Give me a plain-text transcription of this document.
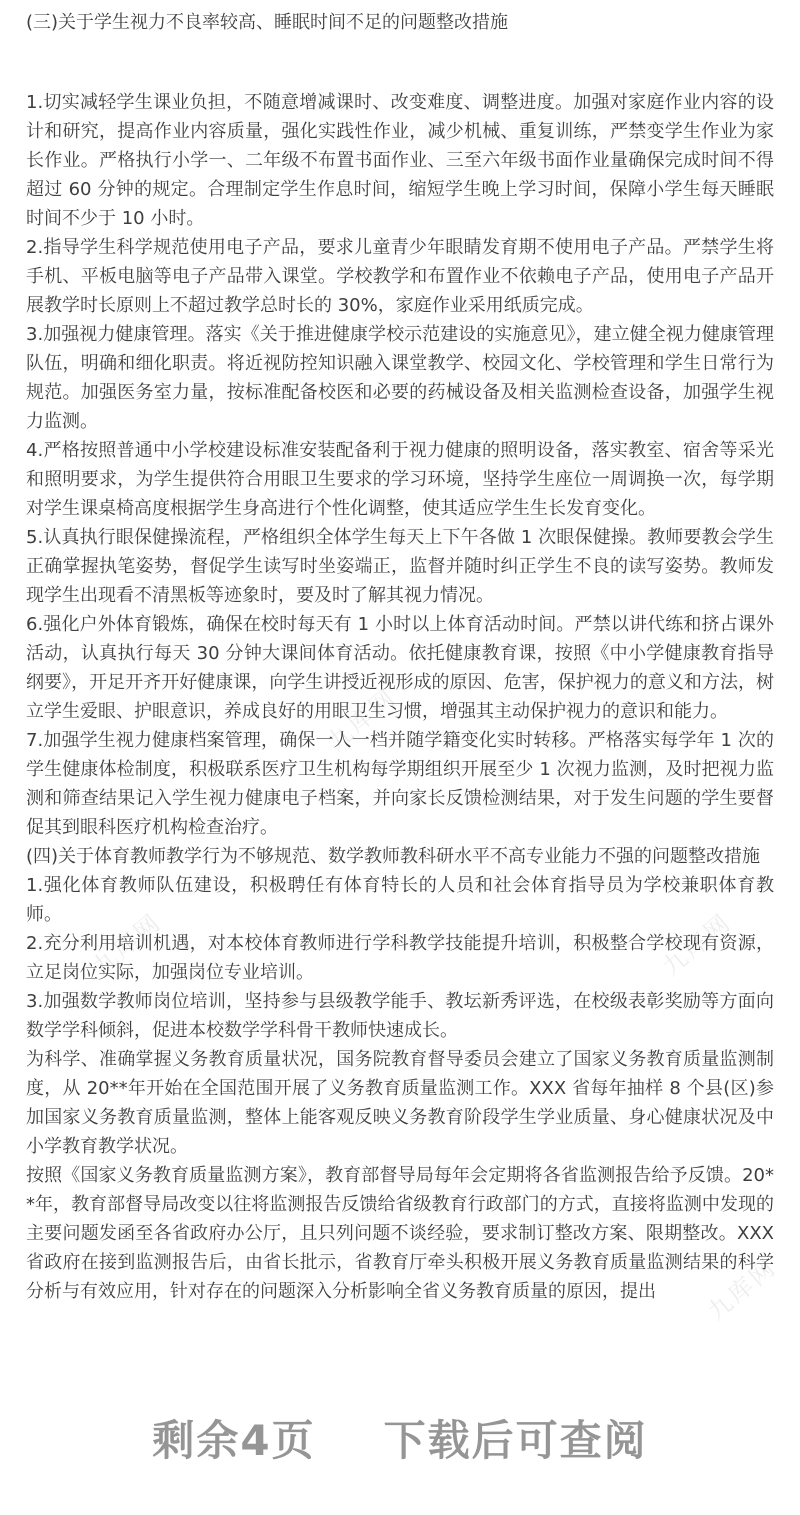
九库网
九库网	九库网
九库网
(三)关于学生视力不良率较高、睡眠时间不足的问题整改措施

1.切实减轻学生课业负担，不随意增减课时、改变难度、调整进度。加强对家庭作业内容的设计和研究，提高作业内容质量，强化实践性作业，减少机械、重复训练，严禁变学生作业为家长作业。严格执行小学一、二年级不布置书面作业、三至六年级书面作业量确保完成时间不得超过 60 分钟的规定。合理制定学生作息时间，缩短学生晚上学习时间，保障小学生每天睡眠时间不少于 10 小时。

2.指导学生科学规范使用电子产品，要求儿童青少年眼睛发育期不使用电子产品。严禁学生将手机、平板电脑等电子产品带入课堂。学校教学和布置作业不依赖电子产品，使用电子产品开展教学时长原则上不超过教学总时长的 30%，家庭作业采用纸质完成。

3.加强视力健康管理。落实《关于推进健康学校示范建设的实施意见》，建立健全视力健康管理队伍，明确和细化职责。将近视防控知识融入课堂教学、校园文化、学校管理和学生日常行为规范。加强医务室力量，按标准配备校医和必要的药械设备及相关监测检查设备，加强学生视力监测。

4.严格按照普通中小学校建设标准安装配备利于视力健康的照明设备，落实教室、宿舍等采光和照明要求，为学生提供符合用眼卫生要求的学习环境，坚持学生座位一周调换一次，每学期对学生课桌椅高度根据学生身高进行个性化调整，使其适应学生生长发育变化。

5.认真执行眼保健操流程，严格组织全体学生每天上下午各做 1 次眼保健操。教师要教会学生正确掌握执笔姿势，督促学生读写时坐姿端正，监督并随时纠正学生不良的读写姿势。教师发现学生出现看不清黑板等迹象时，要及时了解其视力情况。

6.强化户外体育锻炼，确保在校时每天有 1 小时以上体育活动时间。严禁以讲代练和挤占课外活动，认真执行每天 30 分钟大课间体育活动。依托健康教育课，按照《中小学健康教育指导纲要》，开足开齐开好健康课，向学生讲授近视形成的原因、危害，保护视力的意义和方法，树立学生爱眼、护眼意识，养成良好的用眼卫生习惯，增强其主动保护视力的意识和能力。

7.加强学生视力健康档案管理，确保一人一档并随学籍变化实时转移。严格落实每学年 1 次的学生健康体检制度，积极联系医疗卫生机构每学期组织开展至少 1 次视力监测，及时把视力监测和筛查结果记入学生视力健康电子档案，并向家长反馈检测结果，对于发生问题的学生要督促其到眼科医疗机构检查治疗。

(四)关于体育教师教学行为不够规范、数学教师教科研水平不高专业能力不强的问题整改措施

1.强化体育教师队伍建设，积极聘任有体育特长的人员和社会体育指导员为学校兼职体育教师。

2.充分利用培训机遇，对本校体育教师进行学科教学技能提升培训，积极整合学校现有资源，立足岗位实际，加强岗位专业培训。

3.加强数学教师岗位培训，坚持参与县级教学能手、教坛新秀评选，在校级表彰奖励等方面向数学学科倾斜，促进本校数学学科骨干教师快速成长。

为科学、准确掌握义务教育质量状况，国务院教育督导委员会建立了国家义务教育质量监测制度，从 20**年开始在全国范围开展了义务教育质量监测工作。XXX 省每年抽样 8 个县(区)参加国家义务教育质量监测，整体上能客观反映义务教育阶段学生学业质量、身心健康状况及中小学教育教学状况。

按照《国家义务教育质量监测方案》，教育部督导局每年会定期将各省监测报告给予反馈。20**年，教育部督导局改变以往将监测报告反馈给省级教育行政部门的方式，直接将监测中发现的主要问题发函至各省政府办公厅，且只列问题不谈经验，要求制订整改方案、限期整改。XXX 省政府在接到监测报告后，由省长批示，省教育厅牵头积极开展义务教育质量监测结果的科学分析与有效应用，针对存在的问题深入分析影响全省义务教育质量的原因，提出

剩余4页 下载后可查阅
